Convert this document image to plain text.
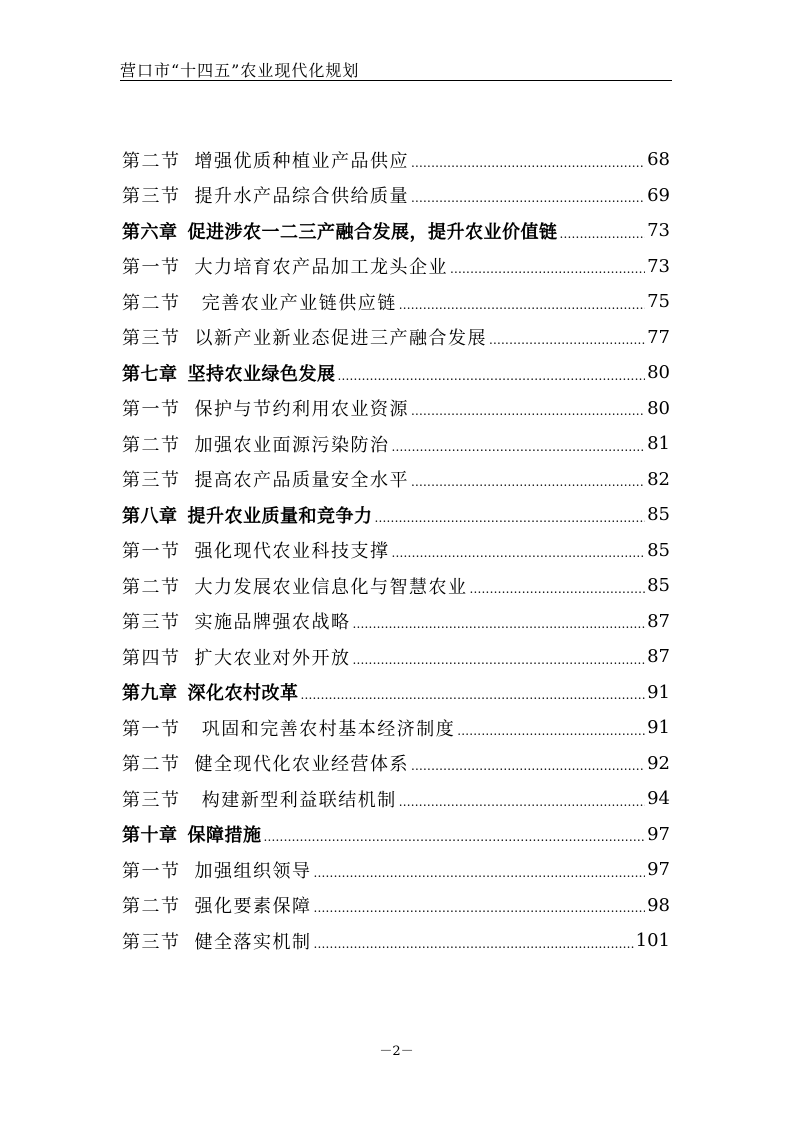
营口市“十四五”农业现代化规划
第二节 增强优质种植业产品供应 .....	68
第三节 提升水产品综合供给质量 .....	69
第六章 促进涉农一二三产融合发展，提升农业价值链 .....	73
第一节 大力培育农产品加工龙头企业 .....	73
第二节 完善农业产业链供应链 .....	75
第三节 以新产业新业态促进三产融合发展 .....	77
第七章 坚持农业绿色发展 .....	80
第一节 保护与节约利用农业资源 .....	80
第二节 加强农业面源污染防治 .....	81
第三节 提高农产品质量安全水平 .....	82
第八章 提升农业质量和竞争力 .....	85
第一节 强化现代农业科技支撑 .....	85
第二节 大力发展农业信息化与智慧农业 .....	85
第三节 实施品牌强农战略 .....	87
第四节 扩大农业对外开放 .....	87
第九章 深化农村改革 .....	91
第一节 巩固和完善农村基本经济制度 .....	91
第二节 健全现代化农业经营体系 .....	92
第三节 构建新型利益联结机制 .....	94
第十章 保障措施 .....	97
第一节 加强组织领导 .....	97
第二节 强化要素保障 .....	98
第三节 健全落实机制 .....	101
－2－
